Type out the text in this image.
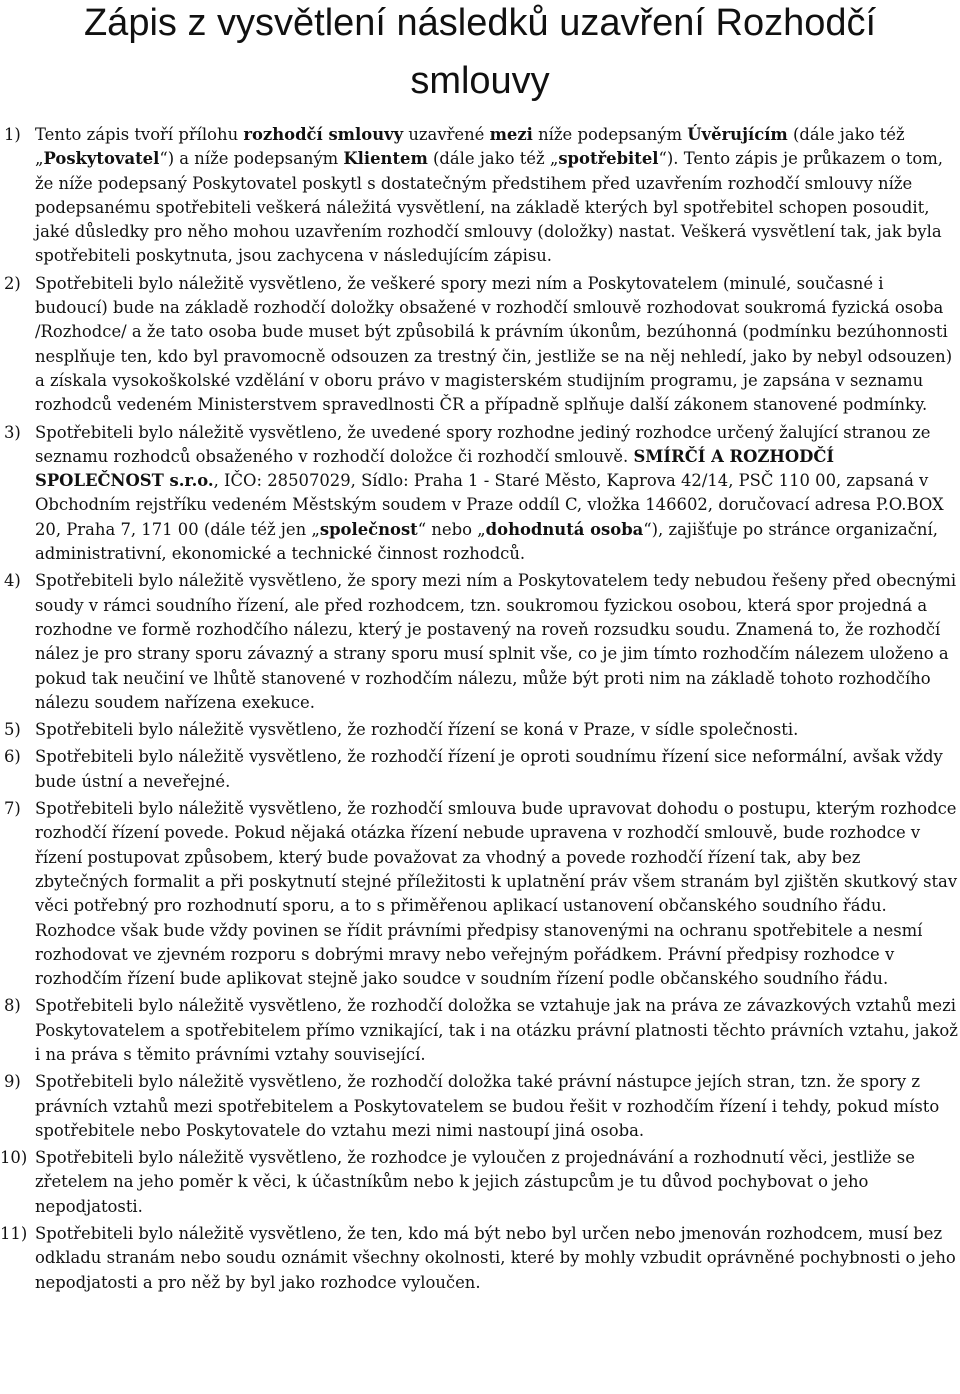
Zápis z vysvětlení následků uzavření Rozhodčí smlouvy
1) Tento zápis tvoří přílohu rozhodčí smlouvy uzavřené mezi níže podepsaným Úvěrujícím (dále jako též „Poskytovatel“) a níže podepsaným Klientem (dále jako též „spotřebitel“). Tento zápis je průkazem o tom, že níže podepsaný Poskytovatel poskytl s dostatečným předstihem před uzavřením rozhodčí smlouvy níže podepsanému spotřebiteli veškerá náležitá vysvětlení, na základě kterých byl spotřebitel schopen posoudit, jaké důsledky pro něho mohou uzavřením rozhodčí smlouvy (doložky) nastat. Veškerá vysvětlení tak, jak byla spotřebiteli poskytnuta, jsou zachycena v následujícím zápisu.
2) Spotřebiteli bylo náležitě vysvětleno, že veškeré spory mezi ním a Poskytovatelem (minulé, současné i budoucí) bude na základě rozhodčí doložky obsažené v rozhodčí smlouvě rozhodovat soukromá fyzická osoba /Rozhodce/ a že tato osoba bude muset být způsobilá k právním úkonům, bezúhonná (podmínku bezúhonnosti nesplňuje ten, kdo byl pravomocně odsouzen za trestný čin, jestliže se na něj nehledí, jako by nebyl odsouzen) a získala vysokoškolské vzdělání v oboru právo v magisterském studijním programu, je zapsána v seznamu rozhodců vedeném Ministerstvem spravedlnosti ČR a případně splňuje další zákonem stanovené podmínky.
3) Spotřebiteli bylo náležitě vysvětleno, že uvedené spory rozhodne jediný rozhodce určený žalující stranou ze seznamu rozhodců obsaženého v rozhodčí doložce či rozhodčí smlouvě. SMÍRČÍ A ROZHODČÍ SPOLEČNOST s.r.o., IČO: 28507029, Sídlo: Praha 1 - Staré Město, Kaprova 42/14, PSČ 110 00, zapsaná v Obchodním rejstříku vedeném Městským soudem v Praze oddíl C, vložka 146602, doručovací adresa P.O.BOX 20, Praha 7, 171 00 (dále též jen „společnost“ nebo „dohodnutá osoba“), zajišťuje po stránce organizační, administrativní, ekonomické a technické činnost rozhodců.
4) Spotřebiteli bylo náležitě vysvětleno, že spory mezi ním a Poskytovatelem tedy nebudou řešeny před obecnými soudy v rámci soudního řízení, ale před rozhodcem, tzn. soukromou fyzickou osobou, která spor projedná a rozhodne ve formě rozhodčího nálezu, který je postavený na roveň rozsudku soudu. Znamená to, že rozhodčí nález je pro strany sporu závazný a strany sporu musí splnit vše, co je jim tímto rozhodčím nálezem uloženo a pokud tak neučiní ve lhůtě stanovené v rozhodčím nálezu, může být proti nim na základě tohoto rozhodčího nálezu soudem nařízena exekuce.
5) Spotřebiteli bylo náležitě vysvětleno, že rozhodčí řízení se koná v Praze, v sídle společnosti.
6) Spotřebiteli bylo náležitě vysvětleno, že rozhodčí řízení je oproti soudnímu řízení sice neformální, avšak vždy bude ústní a neveřejné.
7) Spotřebiteli bylo náležitě vysvětleno, že rozhodčí smlouva bude upravovat dohodu o postupu, kterým rozhodce rozhodčí řízení povede. Pokud nějaká otázka řízení nebude upravena v rozhodčí smlouvě, bude rozhodce v řízení postupovat způsobem, který bude považovat za vhodný a povede rozhodčí řízení tak, aby bez zbytečných formalit a při poskytnutí stejné příležitosti k uplatnění práv všem stranám byl zjištěn skutkový stav věci potřebný pro rozhodnutí sporu, a to s přiměřenou aplikací ustanovení občanského soudního řádu. Rozhodce však bude vždy povinen se řídit právními předpisy stanovenými na ochranu spotřebitele a nesmí rozhodovat ve zjevném rozporu s dobrými mravy nebo veřejným pořádkem. Právní předpisy rozhodce v rozhodčím řízení bude aplikovat stejně jako soudce v soudním řízení podle občanského soudního řádu.
8) Spotřebiteli bylo náležitě vysvětleno, že rozhodčí doložka se vztahuje jak na práva ze závazkových vztahů mezi Poskytovatelem a spotřebitelem přímo vznikající, tak i na otázku právní platnosti těchto právních vztahu, jakož i na práva s těmito právními vztahy související.
9) Spotřebiteli bylo náležitě vysvětleno, že rozhodčí doložka také právní nástupce jejích stran, tzn. že spory z právních vztahů mezi spotřebitelem a Poskytovatelem se budou řešit v rozhodčím řízení i tehdy, pokud místo spotřebitele nebo Poskytovatele do vztahu mezi nimi nastoupí jiná osoba.
10) Spotřebiteli bylo náležitě vysvětleno, že rozhodce je vyloučen z projednávání a rozhodnutí věci, jestliže se zřetelem na jeho poměr k věci, k účastníkům nebo k jejich zástupcům je tu důvod pochybovat o jeho nepodjatosti.
11) Spotřebiteli bylo náležitě vysvětleno, že ten, kdo má být nebo byl určen nebo jmenován rozhodcem, musí bez odkladu stranám nebo soudu oznámit všechny okolnosti, které by mohly vzbudit oprávněné pochybnosti o jeho nepodjatosti a pro něž by byl jako rozhodce vyloučen.
